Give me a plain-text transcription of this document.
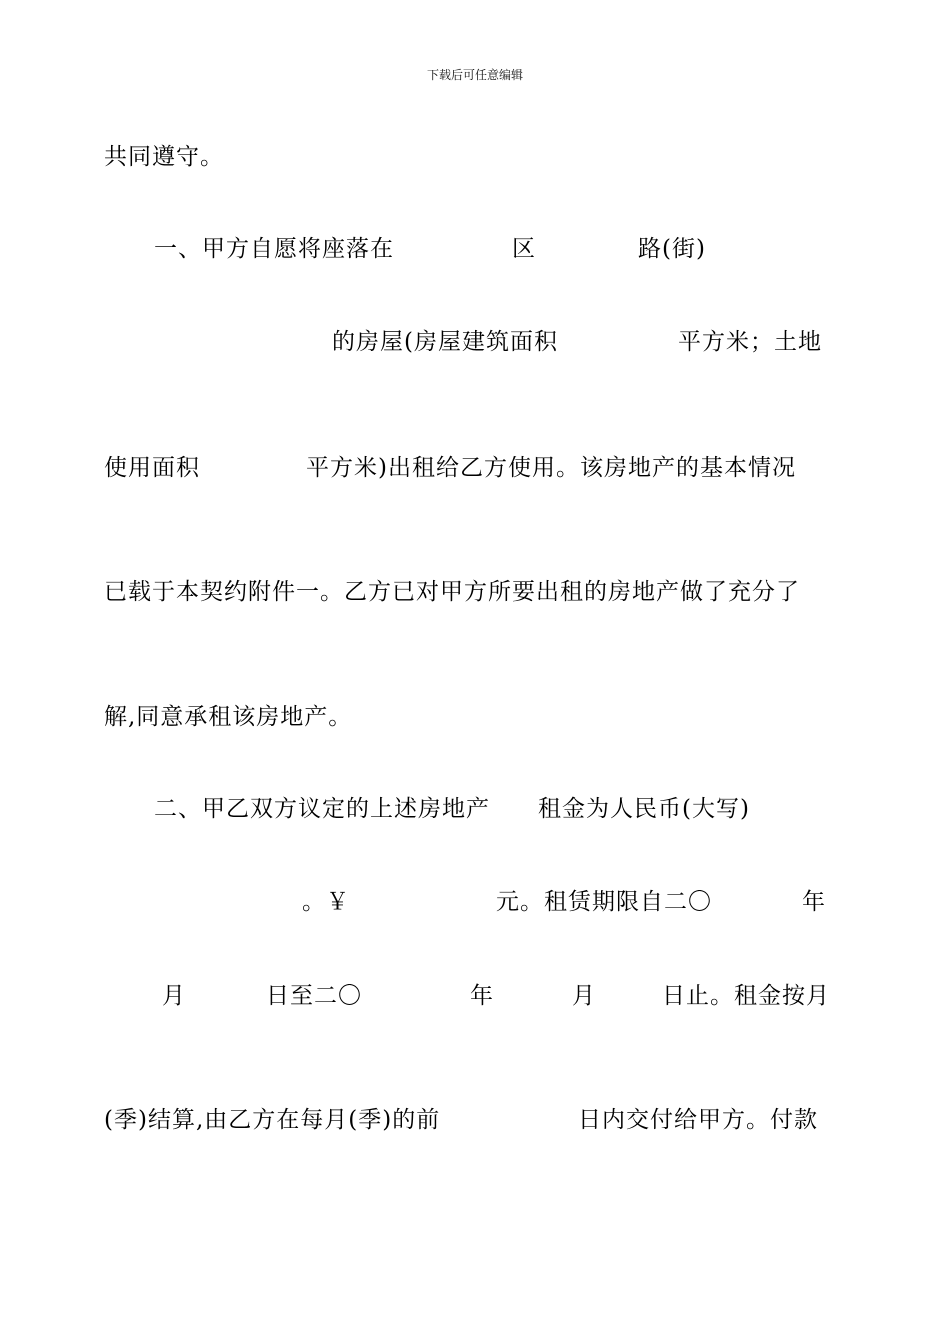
下载后可任意编辑

共同遵守。

一、甲方自愿将座落在

	区

	路(街)

的房屋(房屋建筑面积

	平方米；土地

使用面积

	平方米)出租给乙方使用。该房地产的基本情况

已载于本契约附件一。乙方已对甲方所要出租的房地产做了充分了

解,同意承租该房地产。

二、甲乙双方议定的上述房地产

租金为人民币(大写)

。￥

	元。租赁期限自二〇

	年

月

	日至二〇

	年

	月

	日止。租金按月

(季)结算,由乙方在每月(季)的前

	日内交付给甲方。付款
